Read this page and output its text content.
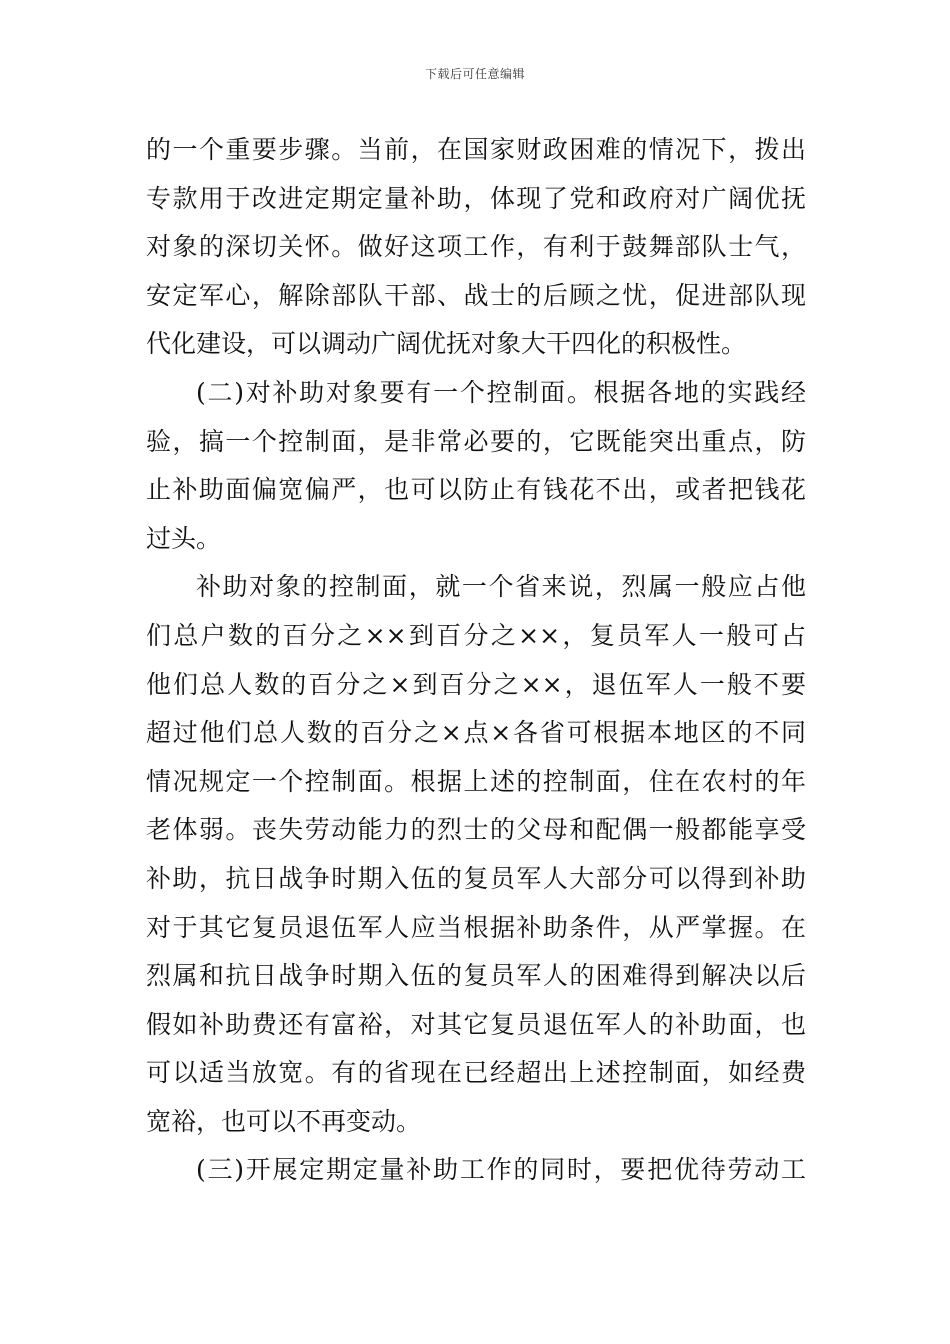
下载后可任意编辑
的一个重要步骤。当前，在国家财政困难的情况下，拨出
专款用于改进定期定量补助，体现了党和政府对广阔优抚
对象的深切关怀。做好这项工作，有利于鼓舞部队士气，
安定军心，解除部队干部、战士的后顾之忧，促进部队现
代化建设，可以调动广阔优抚对象大干四化的积极性。
(二)对补助对象要有一个控制面。根据各地的实践经
验，搞一个控制面，是非常必要的，它既能突出重点，防
止补助面偏宽偏严，也可以防止有钱花不出，或者把钱花
过头。
补助对象的控制面，就一个省来说，烈属一般应占他
们总户数的百分之××到百分之××，复员军人一般可占
他们总人数的百分之×到百分之××，退伍军人一般不要
超过他们总人数的百分之×点×各省可根据本地区的不同
情况规定一个控制面。根据上述的控制面，住在农村的年
老体弱。丧失劳动能力的烈士的父母和配偶一般都能享受
补助，抗日战争时期入伍的复员军人大部分可以得到补助
对于其它复员退伍军人应当根据补助条件，从严掌握。在
烈属和抗日战争时期入伍的复员军人的困难得到解决以后
假如补助费还有富裕，对其它复员退伍军人的补助面，也
可以适当放宽。有的省现在已经超出上述控制面，如经费
宽裕，也可以不再变动。
(三)开展定期定量补助工作的同时，要把优待劳动工
